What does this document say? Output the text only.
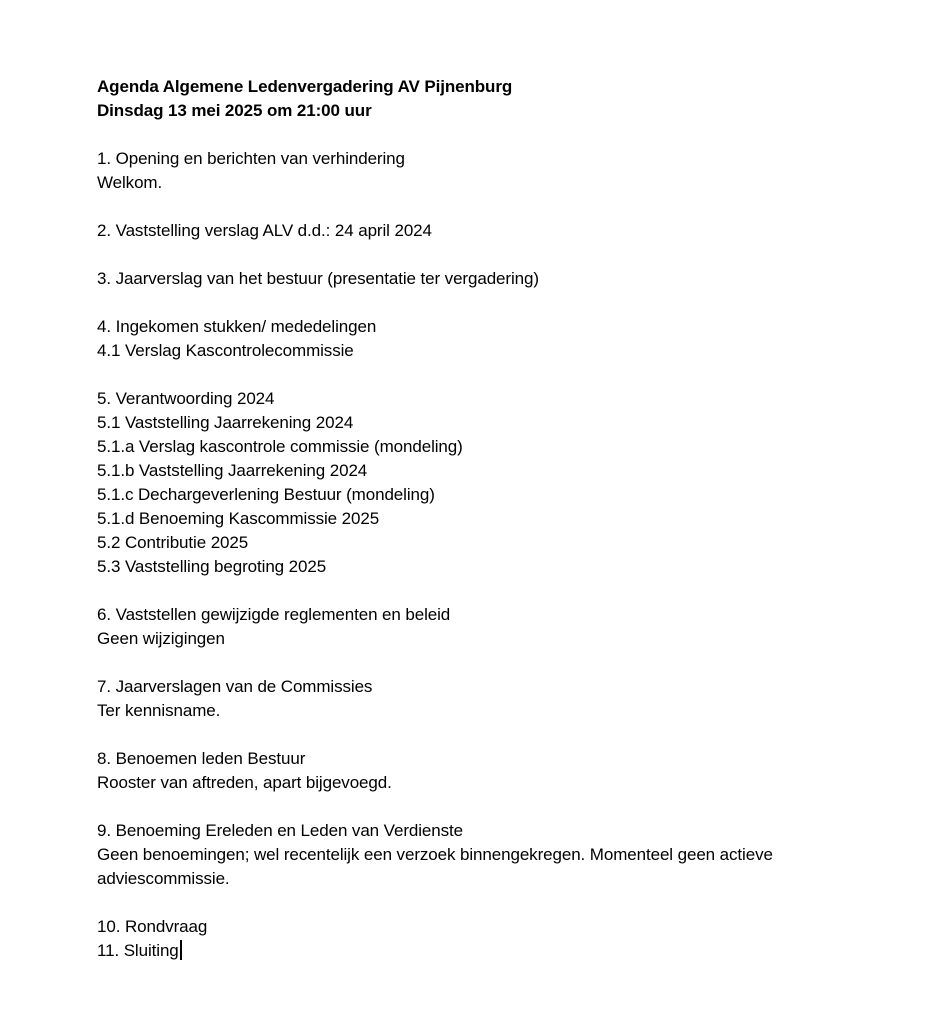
Agenda Algemene Ledenvergadering AV Pijnenburg
Dinsdag 13 mei 2025 om 21:00 uur
1. Opening en berichten van verhindering
Welkom.
2. Vaststelling verslag ALV d.d.: 24 april 2024
3. Jaarverslag van het bestuur (presentatie ter vergadering)
4. Ingekomen stukken/ mededelingen
4.1 Verslag Kascontrolecommissie
5. Verantwoording 2024
5.1 Vaststelling Jaarrekening 2024
5.1.a Verslag kascontrole commissie (mondeling)
5.1.b Vaststelling Jaarrekening 2024
5.1.c Dechargeverlening Bestuur (mondeling)
5.1.d Benoeming Kascommissie 2025
5.2 Contributie 2025
5.3 Vaststelling begroting 2025
6. Vaststellen gewijzigde reglementen en beleid
Geen wijzigingen
7. Jaarverslagen van de Commissies
Ter kennisname.
8. Benoemen leden Bestuur
Rooster van aftreden, apart bijgevoegd.
9. Benoeming Ereleden en Leden van Verdienste
Geen benoemingen; wel recentelijk een verzoek binnengekregen. Momenteel geen actieve adviescommissie.
10. Rondvraag
11. Sluiting
